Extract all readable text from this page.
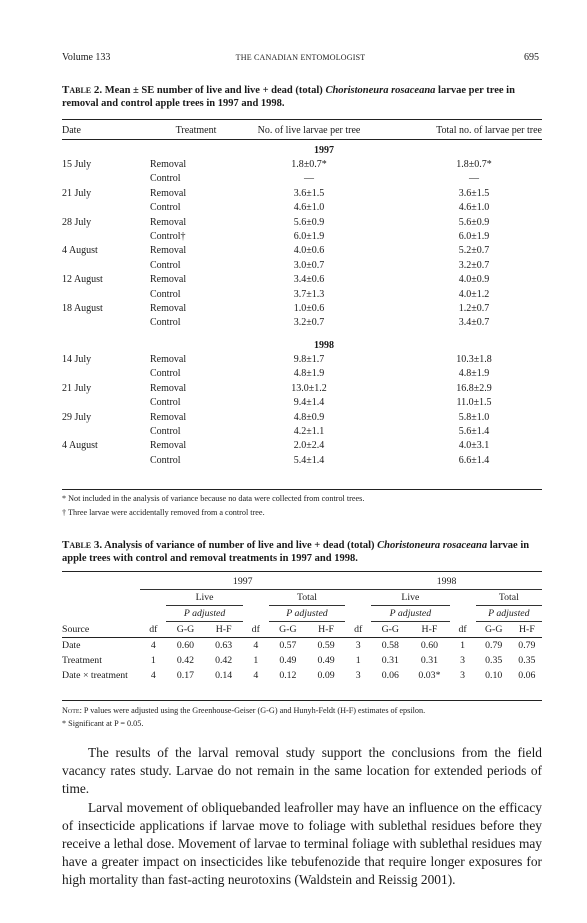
Volume 133	THE CANADIAN ENTOMOLOGIST	695
Table 2. Mean ± SE number of live and live + dead (total) Choristoneura rosaceana larvae per tree in removal and control apple trees in 1997 and 1998.
Date	Treatment	No. of live larvae per tree	Total no. of larvae per tree
1997			
15 July	Removal	1.8±0.7*	1.8±0.7*
	Control	—	—
21 July	Removal	3.6±1.5	3.6±1.5
	Control	4.6±1.0	4.6±1.0
28 July	Removal	5.6±0.9	5.6±0.9
	Control†	6.0±1.9	6.0±1.9
4 August	Removal	4.0±0.6	5.2±0.7
	Control	3.0±0.7	3.2±0.7
12 August	Removal	3.4±0.6	4.0±0.9
	Control	3.7±1.3	4.0±1.2
18 August	Removal	1.0±0.6	1.2±0.7
	Control	3.2±0.7	3.4±0.7
1998			
14 July	Removal	9.8±1.7	10.3±1.8
	Control	4.8±1.9	4.8±1.9
21 July	Removal	13.0±1.2	16.8±2.9
	Control	9.4±1.4	11.0±1.5
29 July	Removal	4.8±0.9	5.8±1.0
	Control	4.2±1.1	5.6±1.4
4 August	Removal	2.0±2.4	4.0±3.1
	Control	5.4±1.4	6.6±1.4
* Not included in the analysis of variance because no data were collected from control trees.
† Three larvae were accidentally removed from a control tree.
Table 3. Analysis of variance of number of live and live + dead (total) Choristoneura rosaceana larvae in apple trees with control and removal treatments in 1997 and 1998.
	1997						1998					
		Live			Total			Live			Total	
		P adjusted			P adjusted			P adjusted			P adjusted	
Source	df	G-G	H-F	df	G-G	H-F	df	G-G	H-F	df	G-G	H-F
Date	4	0.60	0.63	4	0.57	0.59	3	0.58	0.60	1	0.79	0.79
Treatment	1	0.42	0.42	1	0.49	0.49	1	0.31	0.31	3	0.35	0.35
Date × treatment	4	0.17	0.14	4	0.12	0.09	3	0.06	0.03*	3	0.10	0.06
Note: P values were adjusted using the Greenhouse-Geiser (G-G) and Hunyh-Feldt (H-F) estimates of epsilon.
* Significant at P = 0.05.

The results of the larval removal study support the conclusions from the field vacancy rates study. Larvae do not remain in the same location for extended periods of time.

Larval movement of obliquebanded leafroller may have an influence on the efficacy of insecticide applications if larvae move to foliage with sublethal residues before they receive a lethal dose. Movement of larvae to terminal foliage with sublethal residues may have a greater impact on insecticides like tebufenozide that require longer exposures for high mortality than fast-acting neurotoxins (Waldstein and Reissig 2001).
